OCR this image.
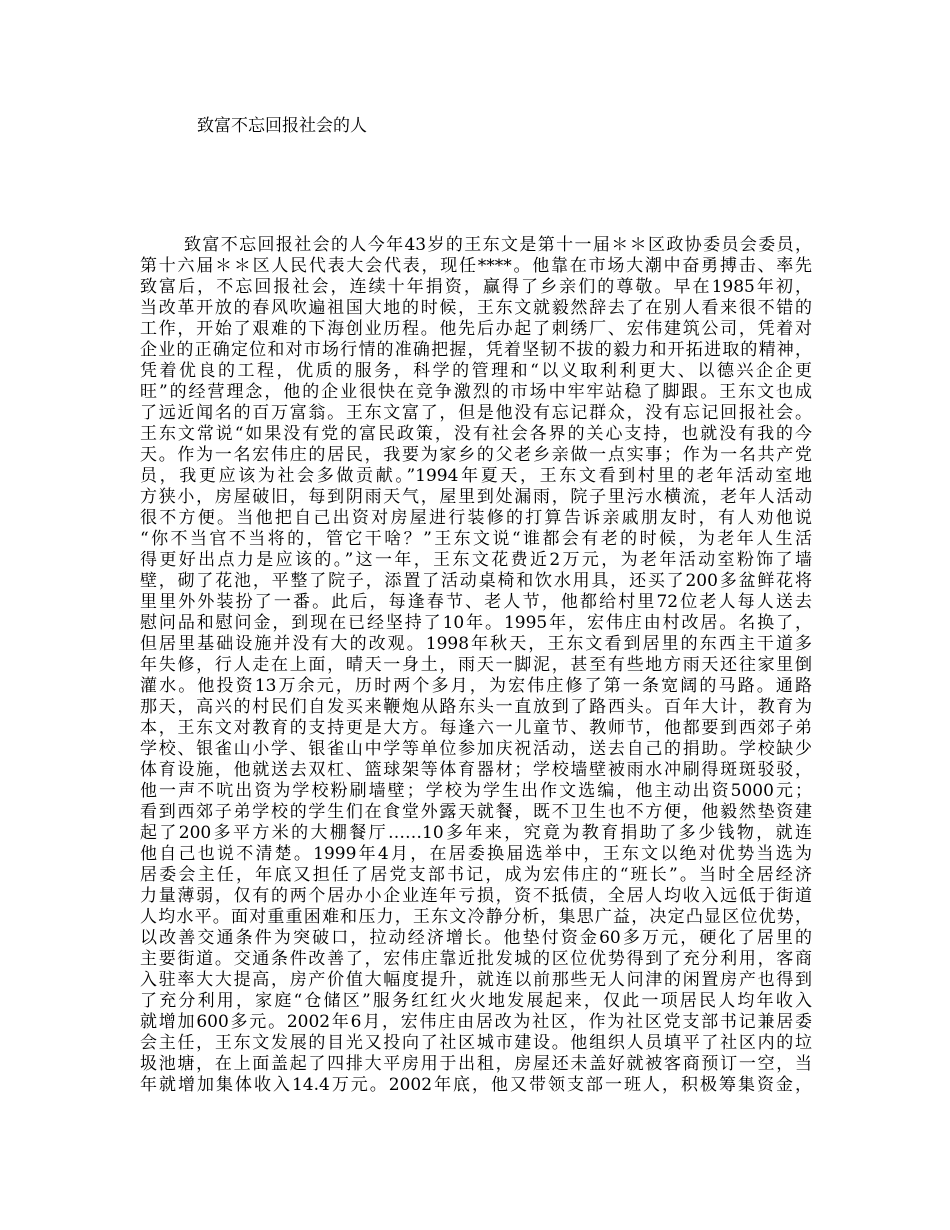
致富不忘回报社会的人
致富不忘回报社会的人今年43岁的王东文是第十一届＊＊区政协委员会委员，
第十六届＊＊区人民代表大会代表，现任****。他靠在市场大潮中奋勇搏击、率先
致富后，不忘回报社会，连续十年捐资，赢得了乡亲们的尊敬。早在1985年初，
当改革开放的春风吹遍祖国大地的时候，王东文就毅然辞去了在别人看来很不错的
工作，开始了艰难的下海创业历程。他先后办起了刺绣厂、宏伟建筑公司，凭着对
企业的正确定位和对市场行情的准确把握，凭着坚韧不拔的毅力和开拓进取的精神，
凭着优良的工程，优质的服务，科学的管理和“以义取利利更大、以德兴企企更
旺”的经营理念，他的企业很快在竞争激烈的市场中牢牢站稳了脚跟。王东文也成
了远近闻名的百万富翁。王东文富了，但是他没有忘记群众，没有忘记回报社会。
王东文常说“如果没有党的富民政策，没有社会各界的关心支持，也就没有我的今
天。作为一名宏伟庄的居民，我要为家乡的父老乡亲做一点实事；作为一名共产党
员，我更应该为社会多做贡献。”1994年夏天，王东文看到村里的老年活动室地
方狭小，房屋破旧，每到阴雨天气，屋里到处漏雨，院子里污水横流，老年人活动
很不方便。当他把自己出资对房屋进行装修的打算告诉亲戚朋友时，有人劝他说
“你不当官不当将的，管它干啥？”王东文说“谁都会有老的时候，为老年人生活
得更好出点力是应该的。”这一年，王东文花费近2万元，为老年活动室粉饰了墙
壁，砌了花池，平整了院子，添置了活动桌椅和饮水用具，还买了200多盆鲜花将
里里外外装扮了一番。此后，每逢春节、老人节，他都给村里72位老人每人送去
慰问品和慰问金，到现在已经坚持了10年。1995年，宏伟庄由村改居。名换了，
但居里基础设施并没有大的改观。1998年秋天，王东文看到居里的东西主干道多
年失修，行人走在上面，晴天一身土，雨天一脚泥，甚至有些地方雨天还往家里倒
灌水。他投资13万余元，历时两个多月，为宏伟庄修了第一条宽阔的马路。通路
那天，高兴的村民们自发买来鞭炮从路东头一直放到了路西头。百年大计，教育为
本，王东文对教育的支持更是大方。每逢六一儿童节、教师节，他都要到西郊子弟
学校、银雀山小学、银雀山中学等单位参加庆祝活动，送去自己的捐助。学校缺少
体育设施，他就送去双杠、篮球架等体育器材；学校墙壁被雨水冲刷得斑斑驳驳，
他一声不吭出资为学校粉刷墙壁；学校为学生出作文选编，他主动出资5000元；
看到西郊子弟学校的学生们在食堂外露天就餐，既不卫生也不方便，他毅然垫资建
起了200多平方米的大棚餐厅……10多年来，究竟为教育捐助了多少钱物，就连
他自己也说不清楚。1999年4月，在居委换届选举中，王东文以绝对优势当选为
居委会主任，年底又担任了居党支部书记，成为宏伟庄的“班长”。当时全居经济
力量薄弱，仅有的两个居办小企业连年亏损，资不抵债，全居人均收入远低于街道
人均水平。面对重重困难和压力，王东文冷静分析，集思广益，决定凸显区位优势，
以改善交通条件为突破口，拉动经济增长。他垫付资金60多万元，硬化了居里的
主要街道。交通条件改善了，宏伟庄靠近批发城的区位优势得到了充分利用，客商
入驻率大大提高，房产价值大幅度提升，就连以前那些无人问津的闲置房产也得到
了充分利用，家庭“仓储区”服务红红火火地发展起来，仅此一项居民人均年收入
就增加600多元。2002年6月，宏伟庄由居改为社区，作为社区党支部书记兼居委
会主任，王东文发展的目光又投向了社区城市建设。他组织人员填平了社区内的垃
圾池塘，在上面盖起了四排大平房用于出租，房屋还未盖好就被客商预订一空，当
年就增加集体收入14.4万元。2002年底，他又带领支部一班人，积极筹集资金，
